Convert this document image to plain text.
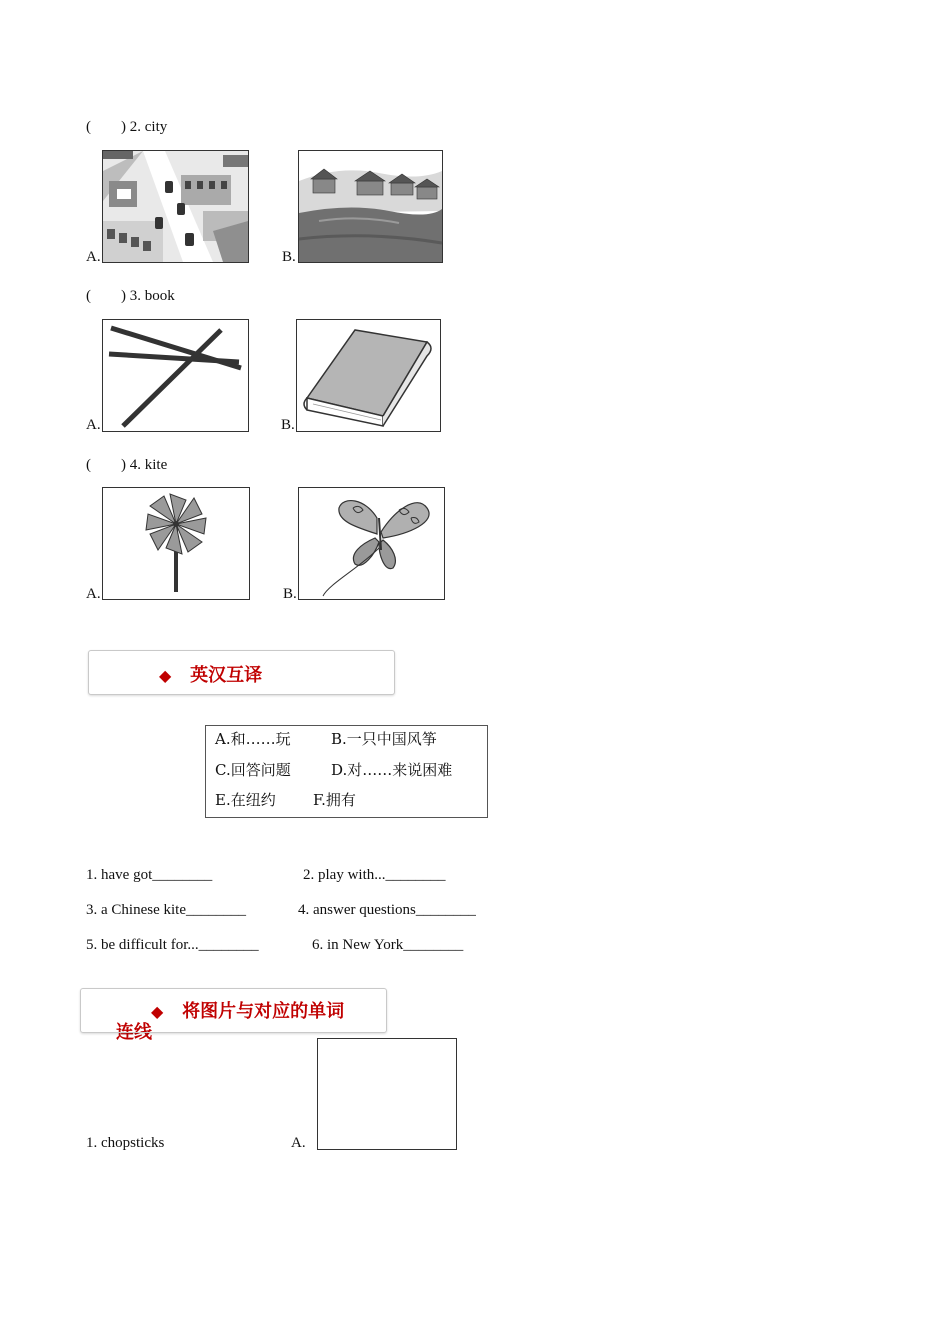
(        ) 2. city
A.	B.
(        ) 3. book
A.	B.
(        ) 4. kite
A.	B.
◆ 英汉互译
A.和……玩	B.一只中国风筝
C.回答问题	D.对……来说困难
E.在纽约 F.拥有
1. have got________	2. play with...________
3. a Chinese kite________	4. answer questions________
5. be difficult for...________	6. in New York________
连线
◆ 将图片与对应的单词
1. chopsticks	A.
